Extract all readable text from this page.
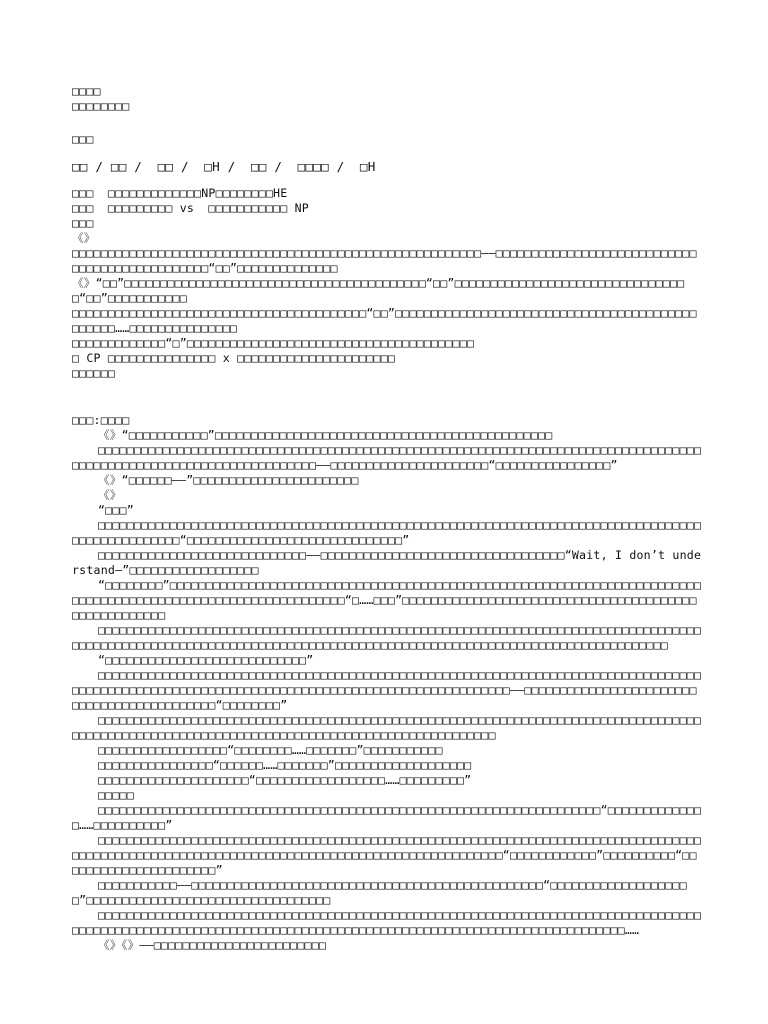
□□□□
□□□□□□□□
□□□
□□ / □□ /  □□ /  □H /  □□ /  □□□□ /  □H
□□□  □□□□□□□□□□□□□NP□□□□□□□□HE
□□□  □□□□□□□□□ vs  □□□□□□□□□□□ NP
□□□
《》
□□□□□□□□□□□□□□□□□□□□□□□□□□□□□□□□□□□□□□□□□□□□□□□□□□□□□□□□□——□□□□□□□□□□□□□□□□□□□□□□□□□□□□□□□□□□□□□□□□□□□□□□□“□□”□□□□□□□□□□□□□□
《》“□□”□□□□□□□□□□□□□□□□□□□□□□□□□□□□□□□□□□□□□□□□□□“□□”□□□□□□□□□□□□□□□□□□□□□□□□□□□□□□□□□“□□”□□□□□□□□□□□
□□□□□□□□□□□□□□□□□□□□□□□□□□□□□□□□□□□□□□□□□“□□”□□□□□□□□□□□□□□□□□□□□□□□□□□□□□□□□□□□□□□□□□□□□□□□□……□□□□□□□□□□□□□□□
□□□□□□□□□□□□□“□”□□□□□□□□□□□□□□□□□□□□□□□□□□□□□□□□□□□□□□□□
□ CP □□□□□□□□□□□□□□□ x □□□□□□□□□□□□□□□□□□□□□□
□□□□□□
□□□:□□□□
《》“□□□□□□□□□□□”□□□□□□□□□□□□□□□□□□□□□□□□□□□□□□□□□□□□□□□□□□□□□□□
□□□□□□□□□□□□□□□□□□□□□□□□□□□□□□□□□□□□□□□□□□□□□□□□□□□□□□□□□□□□□□□□□□□□□□□□□□□□□□□□□□□□□□□□□□□□□□□□□□□□□□□□□□□□□□□□□□□□□□——□□□□□□□□□□□□□□□□□□□□□□“□□□□□□□□□□□□□□□□”
《》“□□□□□□——”□□□□□□□□□□□□□□□□□□□□□□□
《》
“□□□”
□□□□□□□□□□□□□□□□□□□□□□□□□□□□□□□□□□□□□□□□□□□□□□□□□□□□□□□□□□□□□□□□□□□□□□□□□□□□□□□□□□□□□□□□□□□□□□□□□□□“□□□□□□□□□□□□□□□□□□□□□□□□□□□□□□”
□□□□□□□□□□□□□□□□□□□□□□□□□□□□□——□□□□□□□□□□□□□□□□□□□□□□□□□□□□□□□□□□“Wait, I don’t understand—”□□□□□□□□□□□□□□□□□□
“□□□□□□□□”□□□□□□□□□□□□□□□□□□□□□□□□□□□□□□□□□□□□□□□□□□□□□□□□□□□□□□□□□□□□□□□□□□□□□□□□□□□□□□□□□□□□□□□□□□□□□□□□□□□□□□□□□□□□□□□□“□……□□□”□□□□□□□□□□□□□□□□□□□□□□□□□□□□□□□□□□□□□□□□□□□□□□□□□□□□□□
□□□□□□□□□□□□□□□□□□□□□□□□□□□□□□□□□□□□□□□□□□□□□□□□□□□□□□□□□□□□□□□□□□□□□□□□□□□□□□□□□□□□□□□□□□□□□□□□□□□□□□□□□□□□□□□□□□□□□□□□□□□□□□□□□□□□□□□□□□□□□□□□□□□□□□□□□□□□□□□□□□□□□□□
“□□□□□□□□□□□□□□□□□□□□□□□□□□□□”
□□□□□□□□□□□□□□□□□□□□□□□□□□□□□□□□□□□□□□□□□□□□□□□□□□□□□□□□□□□□□□□□□□□□□□□□□□□□□□□□□□□□□□□□□□□□□□□□□□□□□□□□□□□□□□□□□□□□□□□□□□□□□□□□□□□□□□□□□□□□□□□□□——□□□□□□□□□□□□□□□□□□□□□□□□□□□□□□□□□□□□□□□□□□□□“□□□□□□□□”
□□□□□□□□□□□□□□□□□□□□□□□□□□□□□□□□□□□□□□□□□□□□□□□□□□□□□□□□□□□□□□□□□□□□□□□□□□□□□□□□□□□□□□□□□□□□□□□□□□□□□□□□□□□□□□□□□□□□□□□□□□□□□□□□□□□□□□□□□□□□□□□
□□□□□□□□□□□□□□□□□□“□□□□□□□□……□□□□□□□”□□□□□□□□□□□
□□□□□□□□□□□□□□□□“□□□□□□……□□□□□□□”□□□□□□□□□□□□□□□□□□□
□□□□□□□□□□□□□□□□□□□□□“□□□□□□□□□□□□□□□□□□……□□□□□□□□□”
□□□□□
□□□□□□□□□□□□□□□□□□□□□□□□□□□□□□□□□□□□□□□□□□□□□□□□□□□□□□□□□□□□□□□□□□□□□□“□□□□□□□□□□□□□□……□□□□□□□□□□”
□□□□□□□□□□□□□□□□□□□□□□□□□□□□□□□□□□□□□□□□□□□□□□□□□□□□□□□□□□□□□□□□□□□□□□□□□□□□□□□□□□□□□□□□□□□□□□□□□□□□□□□□□□□□□□□□□□□□□□□□□□□□□□□□□□□□□□□□□□□□□□□□“□□□□□□□□□□□□”□□□□□□□□□□“□□□□□□□□□□□□□□□□□□□□□□”
□□□□□□□□□□□——□□□□□□□□□□□□□□□□□□□□□□□□□□□□□□□□□□□□□□□□□□□□□□□□□“□□□□□□□□□□□□□□□□□□□□”□□□□□□□□□□□□□□□□□□□□□□□□□□□□□□□□□□
□□□□□□□□□□□□□□□□□□□□□□□□□□□□□□□□□□□□□□□□□□□□□□□□□□□□□□□□□□□□□□□□□□□□□□□□□□□□□□□□□□□□□□□□□□□□□□□□□□□□□□□□□□□□□□□□□□□□□□□□□□□□□□□□□□□□□□□□□□□□□□□□□□□□□□□□□□□□□□□□□……
《》《》——□□□□□□□□□□□□□□□□□□□□□□□□
